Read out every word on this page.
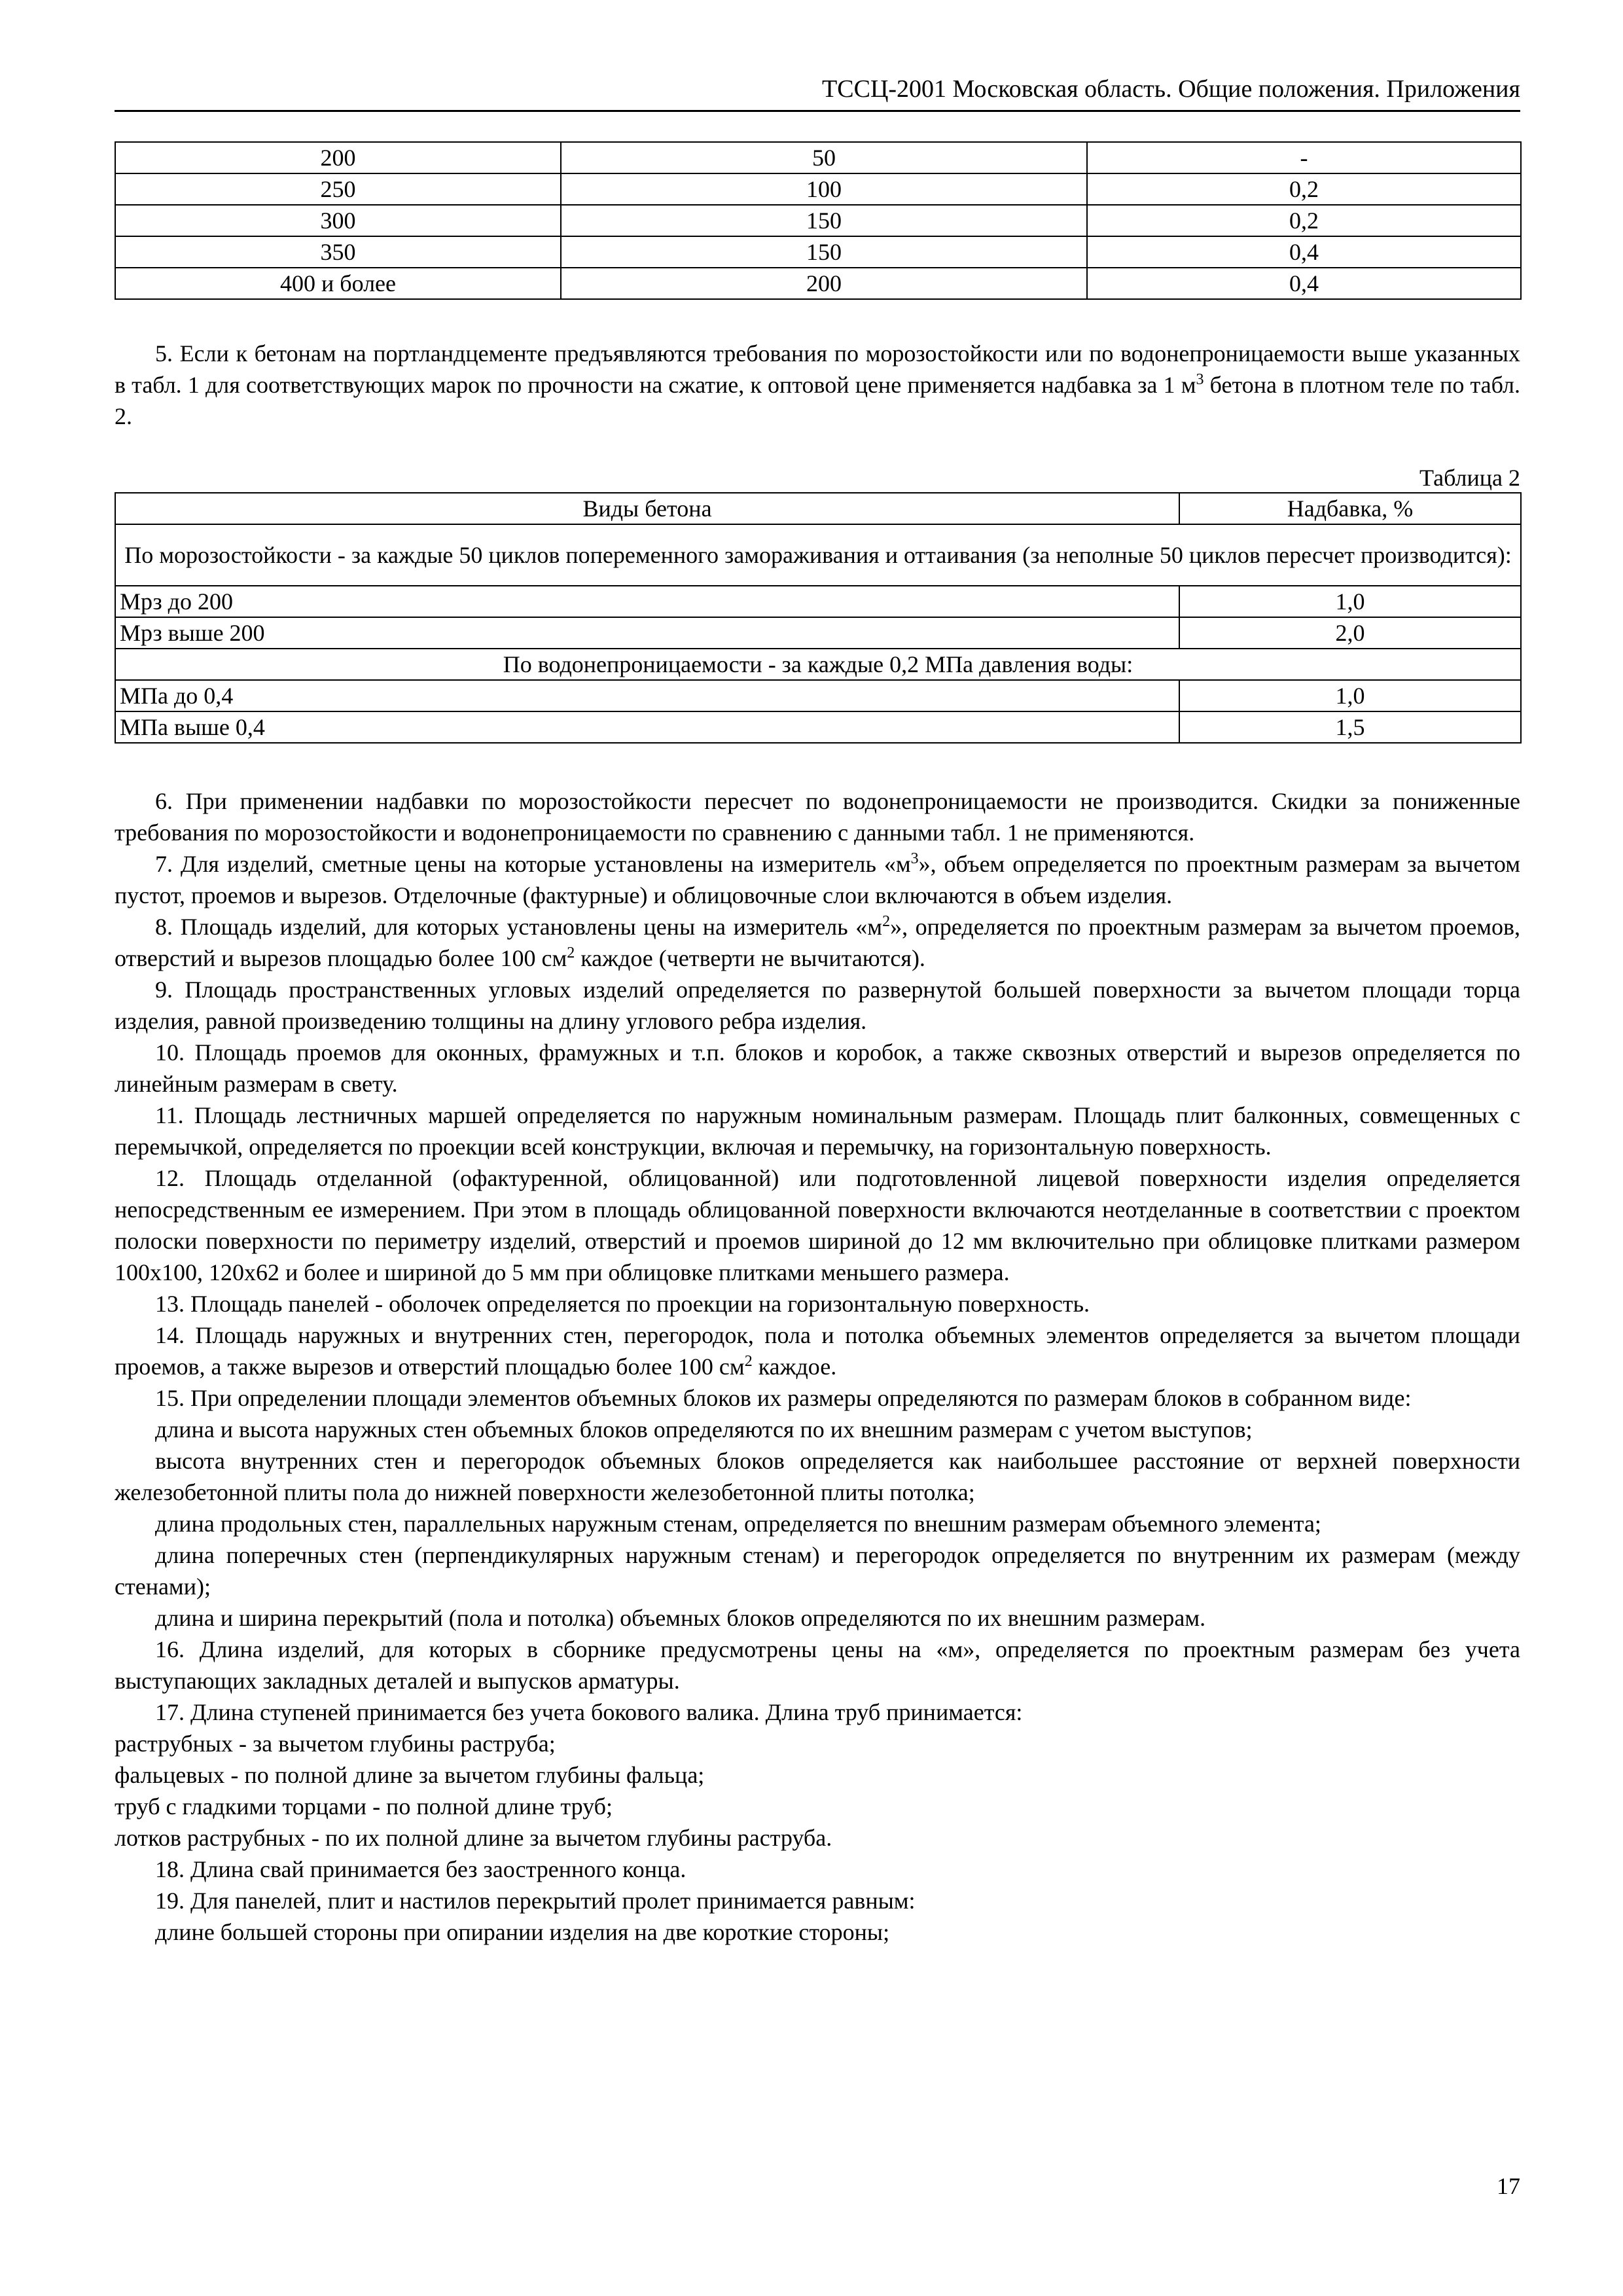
ТССЦ-2001 Московская область. Общие положения. Приложения
200	50	-
250	100	0,2
300	150	0,2
350	150	0,4
400 и более	200	0,4

5. Если к бетонам на портландцементе предъявляются требования по морозостойкости или по водонепроницаемости выше указанных в табл. 1 для соответствующих марок по прочности на сжатие, к оптовой цене применяется надбавка за 1 $м^3$ бетона в плотном теле по табл. 2.

Таблица 2
Виды бетона	Надбавка, %
По морозостойкости - за каждые 50 циклов попеременного замораживания и оттаивания (за неполные 50 циклов пересчет производится):	
Мрз до 200	1,0
Мрз выше 200	2,0
По водонепроницаемости - за каждые 0,2 МПа давления воды:	
МПа до 0,4	1,0
МПа выше 0,4	1,5

6. При применении надбавки по морозостойкости пересчет по водонепроницаемости не производится. Скидки за пониженные требования по морозостойкости и водонепроницаемости по сравнению с данными табл. 1 не применяются.

7. Для изделий, сметные цены на которые установлены на измеритель «$м^3$», объем определяется по проектным размерам за вычетом пустот, проемов и вырезов. Отделочные (фактурные) и облицовочные слои включаются в объем изделия.

8. Площадь изделий, для которых установлены цены на измеритель «$м^2$», определяется по проектным размерам за вычетом проемов, отверстий и вырезов площадью более 100 $см^2$ каждое (четверти не вычитаются).

9. Площадь пространственных угловых изделий определяется по развернутой большей поверхности за вычетом площади торца изделия, равной произведению толщины на длину углового ребра изделия.

10. Площадь проемов для оконных, фрамужных и т.п. блоков и коробок, а также сквозных отверстий и вырезов определяется по линейным размерам в свету.

11. Площадь лестничных маршей определяется по наружным номинальным размерам. Площадь плит балконных, совмещенных с перемычкой, определяется по проекции всей конструкции, включая и перемычку, на горизонтальную поверхность.

12. Площадь отделанной (офактуренной, облицованной) или подготовленной лицевой поверхности изделия определяется непосредственным ее измерением. При этом в площадь облицованной поверхности включаются неотделанные в соответствии с проектом полоски поверхности по периметру изделий, отверстий и проемов шириной до 12 мм включительно при облицовке плитками размером 100х100, 120х62 и более и шириной до 5 мм при облицовке плитками меньшего размера.

13. Площадь панелей - оболочек определяется по проекции на горизонтальную поверхность.

14. Площадь наружных и внутренних стен, перегородок, пола и потолка объемных элементов определяется за вычетом площади проемов, а также вырезов и отверстий площадью более 100 $см^2$ каждое.

15. При определении площади элементов объемных блоков их размеры определяются по размерам блоков в собранном виде:

длина и высота наружных стен объемных блоков определяются по их внешним размерам с учетом выступов;

высота внутренних стен и перегородок объемных блоков определяется как наибольшее расстояние от верхней поверхности железобетонной плиты пола до нижней поверхности железобетонной плиты потолка;

длина продольных стен, параллельных наружным стенам, определяется по внешним размерам объемного элемента;

длина поперечных стен (перпендикулярных наружным стенам) и перегородок определяется по внутренним их размерам (между стенами);

длина и ширина перекрытий (пола и потолка) объемных блоков определяются по их внешним размерам.

16. Длина изделий, для которых в сборнике предусмотрены цены на «м», определяется по проектным размерам без учета выступающих закладных деталей и выпусков арматуры.

17. Длина ступеней принимается без учета бокового валика. Длина труб принимается:

раструбных - за вычетом глубины раструба;

фальцевых - по полной длине за вычетом глубины фальца;

труб с гладкими торцами - по полной длине труб;

лотков раструбных - по их полной длине за вычетом глубины раструба.

18. Длина свай принимается без заостренного конца.

19. Для панелей, плит и настилов перекрытий пролет принимается равным:

длине большей стороны при опирании изделия на две короткие стороны;

17
